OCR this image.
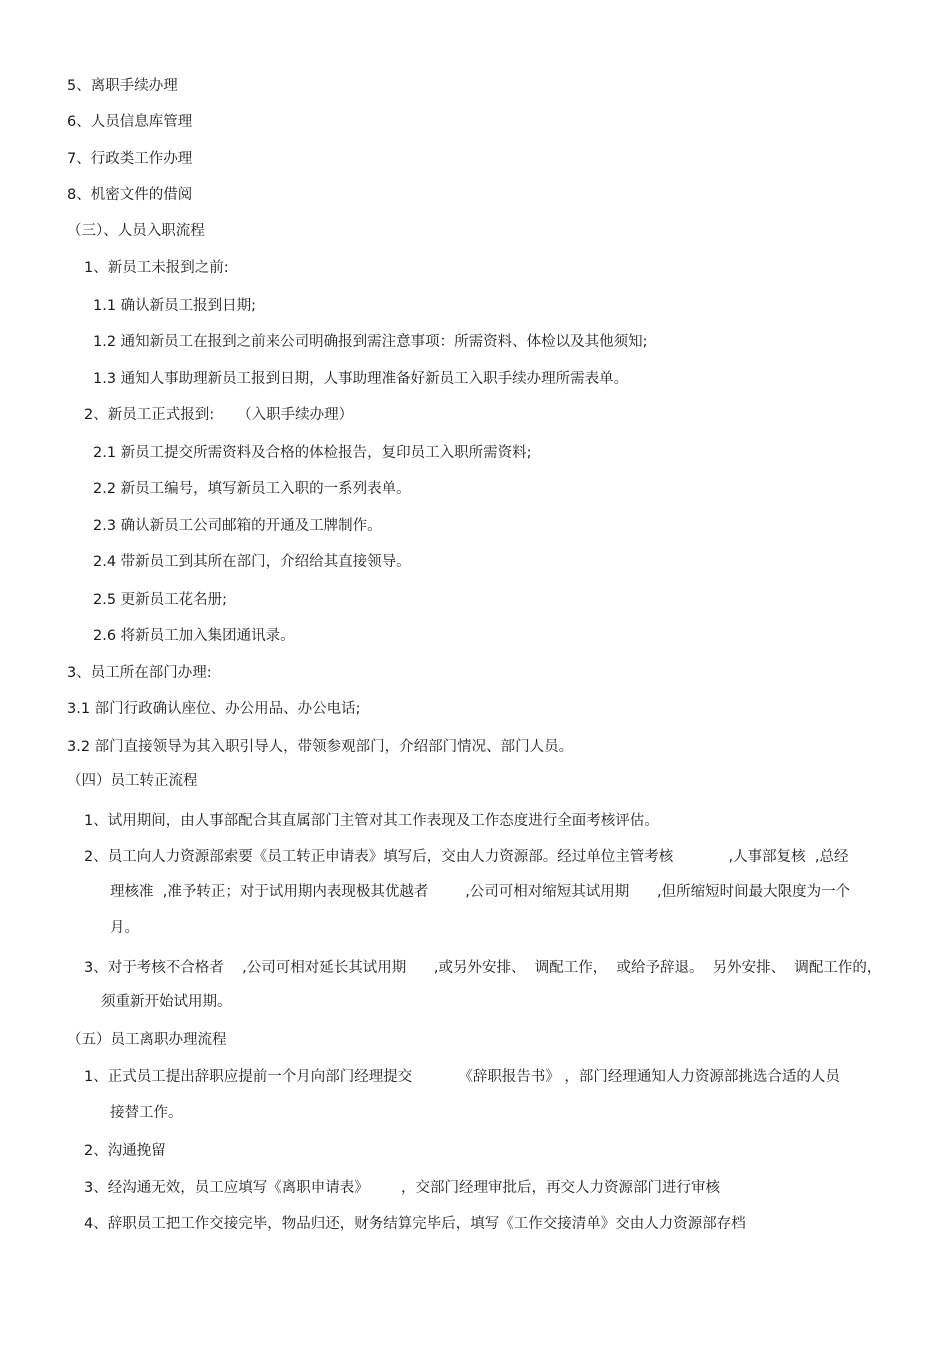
5、离职手续办理
6、人员信息库管理
7、行政类工作办理
8、机密文件的借阅
（三）、人员入职流程
1、新员工未报到之前:
1.1 确认新员工报到日期;
1.2 通知新员工在报到之前来公司明确报到需注意事项：所需资料、体检以及其他须知;
1.3 通知人事助理新员工报到日期，人事助理准备好新员工入职手续办理所需表单。
2、新员工正式报到:     （入职手续办理）
2.1 新员工提交所需资料及合格的体检报告，复印员工入职所需资料;
2.2 新员工编号，填写新员工入职的一系列表单。
2.3 确认新员工公司邮箱的开通及工牌制作。
2.4 带新员工到其所在部门，介绍给其直接领导。
2.5 更新员工花名册;
2.6 将新员工加入集团通讯录。
3、员工所在部门办理:
3.1 部门行政确认座位、办公用品、办公电话;
3.2 部门直接领导为其入职引导人，带领参观部门，介绍部门情况、部门人员。
（四）员工转正流程
1、试用期间，由人事部配合其直属部门主管对其工作表现及工作态度进行全面考核评估。
2、员工向人力资源部索要《员工转正申请表》填写后，交由人力资源部。经过单位主管考核            ,人事部复核  ,总经
理核准  ,准予转正；对于试用期内表现极其优越者        ,公司可相对缩短其试用期      ,但所缩短时间最大限度为一个
月。
3、对于考核不合格者    ,公司可相对延长其试用期      ,或另外安排、  调配工作，  或给予辞退。  另外安排、  调配工作的，
须重新开始试用期。
（五）员工离职办理流程
1、正式员工提出辞职应提前一个月向部门经理提交          《辞职报告书》 ，部门经理通知人力资源部挑选合适的人员
接替工作。
2、沟通挽留
3、经沟通无效，员工应填写《离职申请表》       ，交部门经理审批后，再交人力资源部门进行审核
4、辞职员工把工作交接完毕，物品归还，财务结算完毕后，填写《工作交接清单》交由人力资源部存档
